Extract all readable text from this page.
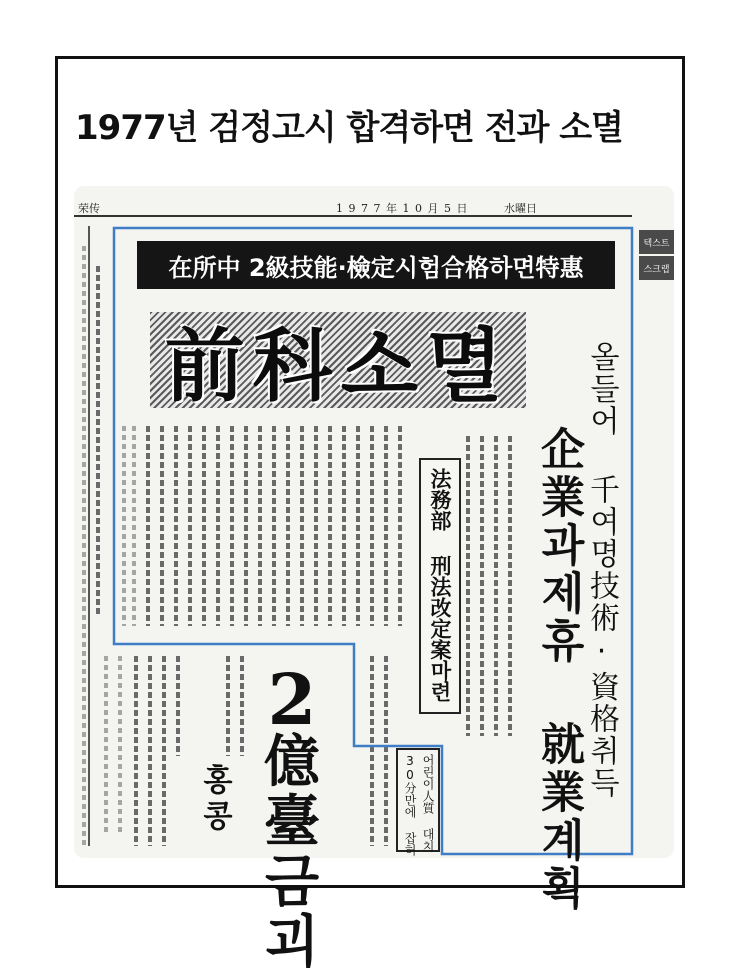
1977년 검정고시 합격하면 전과 소멸
荣传	1 9 7 7 年 1 0 月 5 日	水曜日
在所中 2級技能·檢定시험合格하면特惠
前科소멸	올들어 千여명技術·資格취득
企業과제휴 就業계획
法務部 刑法改定案마련
어린이人質 대치
30分만에 잡혀
2
億
臺
금괴
홍콩
텍스트
스크랩
